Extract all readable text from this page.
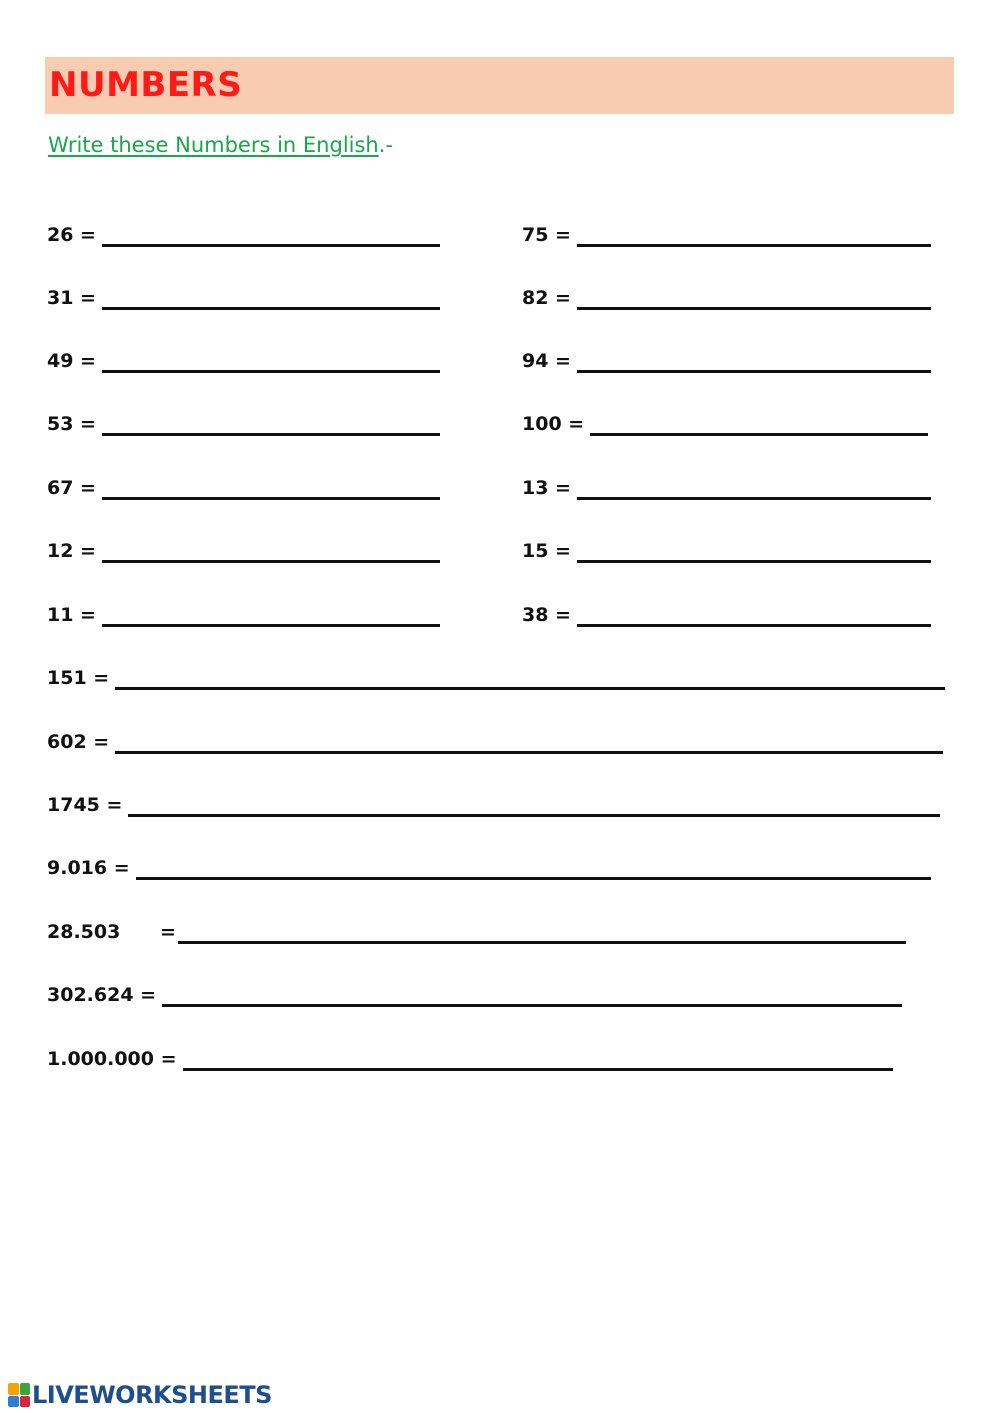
NUMBERS

Write these Numbers in English.-

26 =	75 =
31 =	82 =
49 =	94 =
53 =	100 =
67 =	13 =
12 =	15 =
11 =	38 =
151 =
602 =
1745 =
9.016 =
28.503      =
302.624 =
1.000.000 =
LIVEWORKSHEETS
